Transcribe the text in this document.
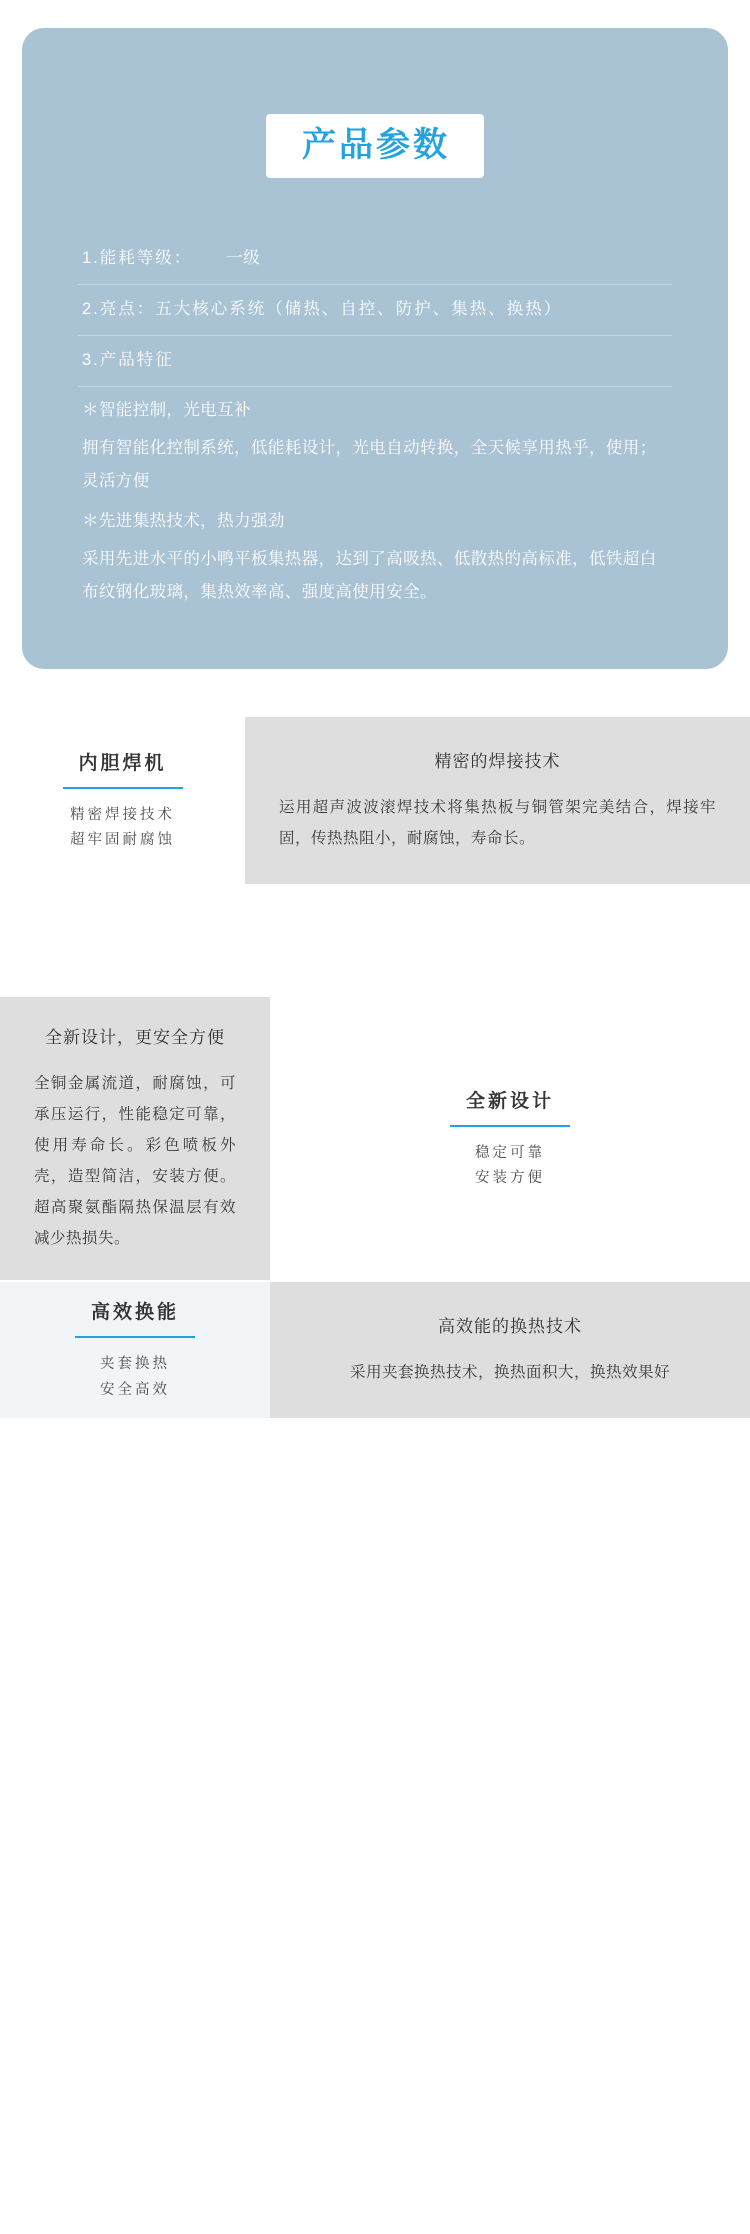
产品参数
1.能耗等级： 一级
2.亮点：五大核心系统（储热、自控、防护、集热、换热）
3.产品特征
＊智能控制，光电互补
拥有智能化控制系统，低能耗设计，光电自动转换，全天候享用热乎，使用；灵活方便
＊先进集热技术，热力强劲
采用先进水平的小鸭平板集热器，达到了高吸热、低散热的高标准，低铁超白布纹钢化玻璃，集热效率高、强度高使用安全。
内胆焊机
精密焊接技术
超牢固耐腐蚀
精密的焊接技术
运用超声波波滚焊技术将集热板与铜管架完美结合，焊接牢固，传热热阻小，耐腐蚀，寿命长。
全新设计，更安全方便
全铜金属流道，耐腐蚀，可承压运行，性能稳定可靠，使用寿命长。彩色喷板外壳，造型简洁，安装方便。超高聚氨酯隔热保温层有效减少热损失。
全新设计
稳定可靠
安装方便
高效换能
夹套换热
安全高效
高效能的换热技术
采用夹套换热技术，换热面积大，换热效果好
